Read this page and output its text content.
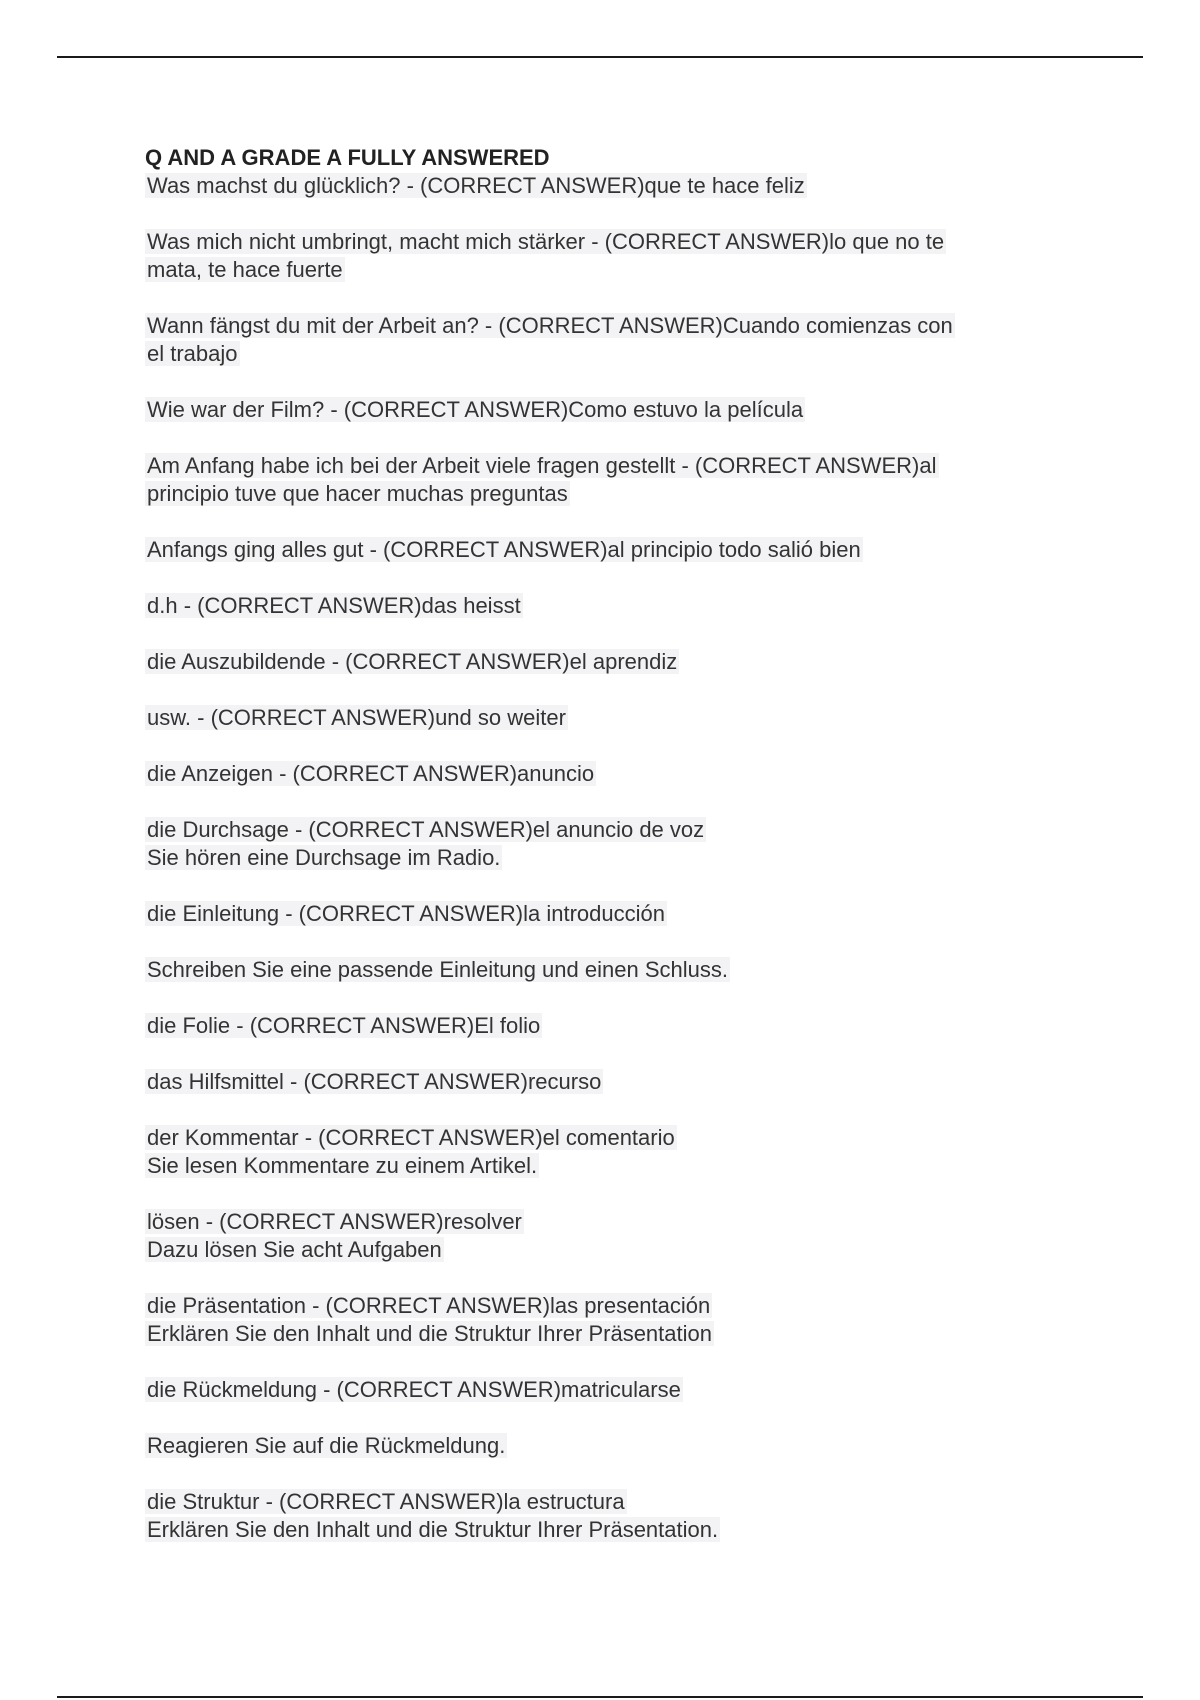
Q AND A GRADE A FULLY ANSWERED
Was machst du glücklich? - (CORRECT ANSWER)que te hace feliz
Was mich nicht umbringt, macht mich stärker - (CORRECT ANSWER)lo que no te
mata, te hace fuerte
Wann fängst du mit der Arbeit an? - (CORRECT ANSWER)Cuando comienzas con
el trabajo
Wie war der Film? - (CORRECT ANSWER)Como estuvo la película
Am Anfang habe ich bei der Arbeit viele fragen gestellt - (CORRECT ANSWER)al
principio tuve que hacer muchas preguntas
Anfangs ging alles gut - (CORRECT ANSWER)al principio todo salió bien
d.h - (CORRECT ANSWER)das heisst
die Auszubildende - (CORRECT ANSWER)el aprendiz
usw. - (CORRECT ANSWER)und so weiter
die Anzeigen - (CORRECT ANSWER)anuncio
die Durchsage - (CORRECT ANSWER)el anuncio de voz
Sie hören eine Durchsage im Radio.
die Einleitung - (CORRECT ANSWER)la introducción
Schreiben Sie eine passende Einleitung und einen Schluss.
die Folie - (CORRECT ANSWER)El folio
das Hilfsmittel - (CORRECT ANSWER)recurso
der Kommentar - (CORRECT ANSWER)el comentario
Sie lesen Kommentare zu einem Artikel.
lösen - (CORRECT ANSWER)resolver
Dazu lösen Sie acht Aufgaben
die Präsentation - (CORRECT ANSWER)las presentación
Erklären Sie den Inhalt und die Struktur Ihrer Präsentation
die Rückmeldung - (CORRECT ANSWER)matricularse
Reagieren Sie auf die Rückmeldung.
die Struktur - (CORRECT ANSWER)la estructura
Erklären Sie den Inhalt und die Struktur Ihrer Präsentation.
